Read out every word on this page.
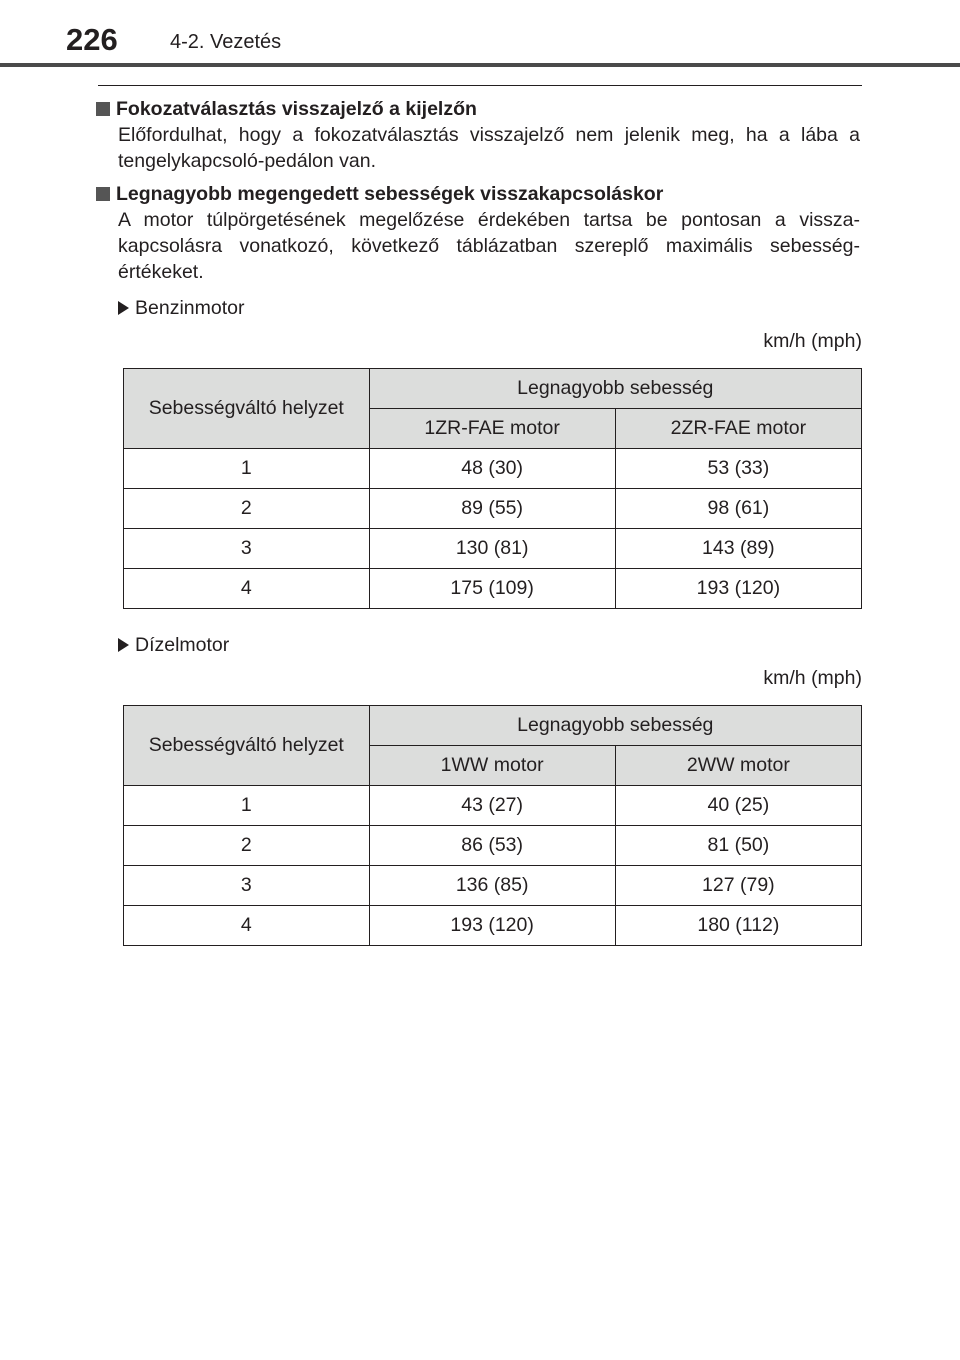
226	4-2. Vezetés
Fokozatválasztás visszajelző a kijelzőn
Előfordulhat, hogy a fokozatválasztás visszajelző nem jelenik meg, ha a lába a tengelykapcsoló-pedálon van.
Legnagyobb megengedett sebességek visszakapcsoláskor
A motor túlpörgetésének megelőzése érdekében tartsa be pontosan a vissza-kapcsolásra vonatkozó, következő táblázatban szereplő maximális sebesség-értékeket.
Benzinmotor
km/h (mph)
Sebességváltó helyzet	Legnagyobb sebesség	
	1ZR-FAE motor	2ZR-FAE motor
1	48 (30)	53 (33)
2	89 (55)	98 (61)
3	130 (81)	143 (89)
4	175 (109)	193 (120)
Dízelmotor
km/h (mph)
Sebességváltó helyzet	Legnagyobb sebesség	
	1WW motor	2WW motor
1	43 (27)	40 (25)
2	86 (53)	81 (50)
3	136 (85)	127 (79)
4	193 (120)	180 (112)
